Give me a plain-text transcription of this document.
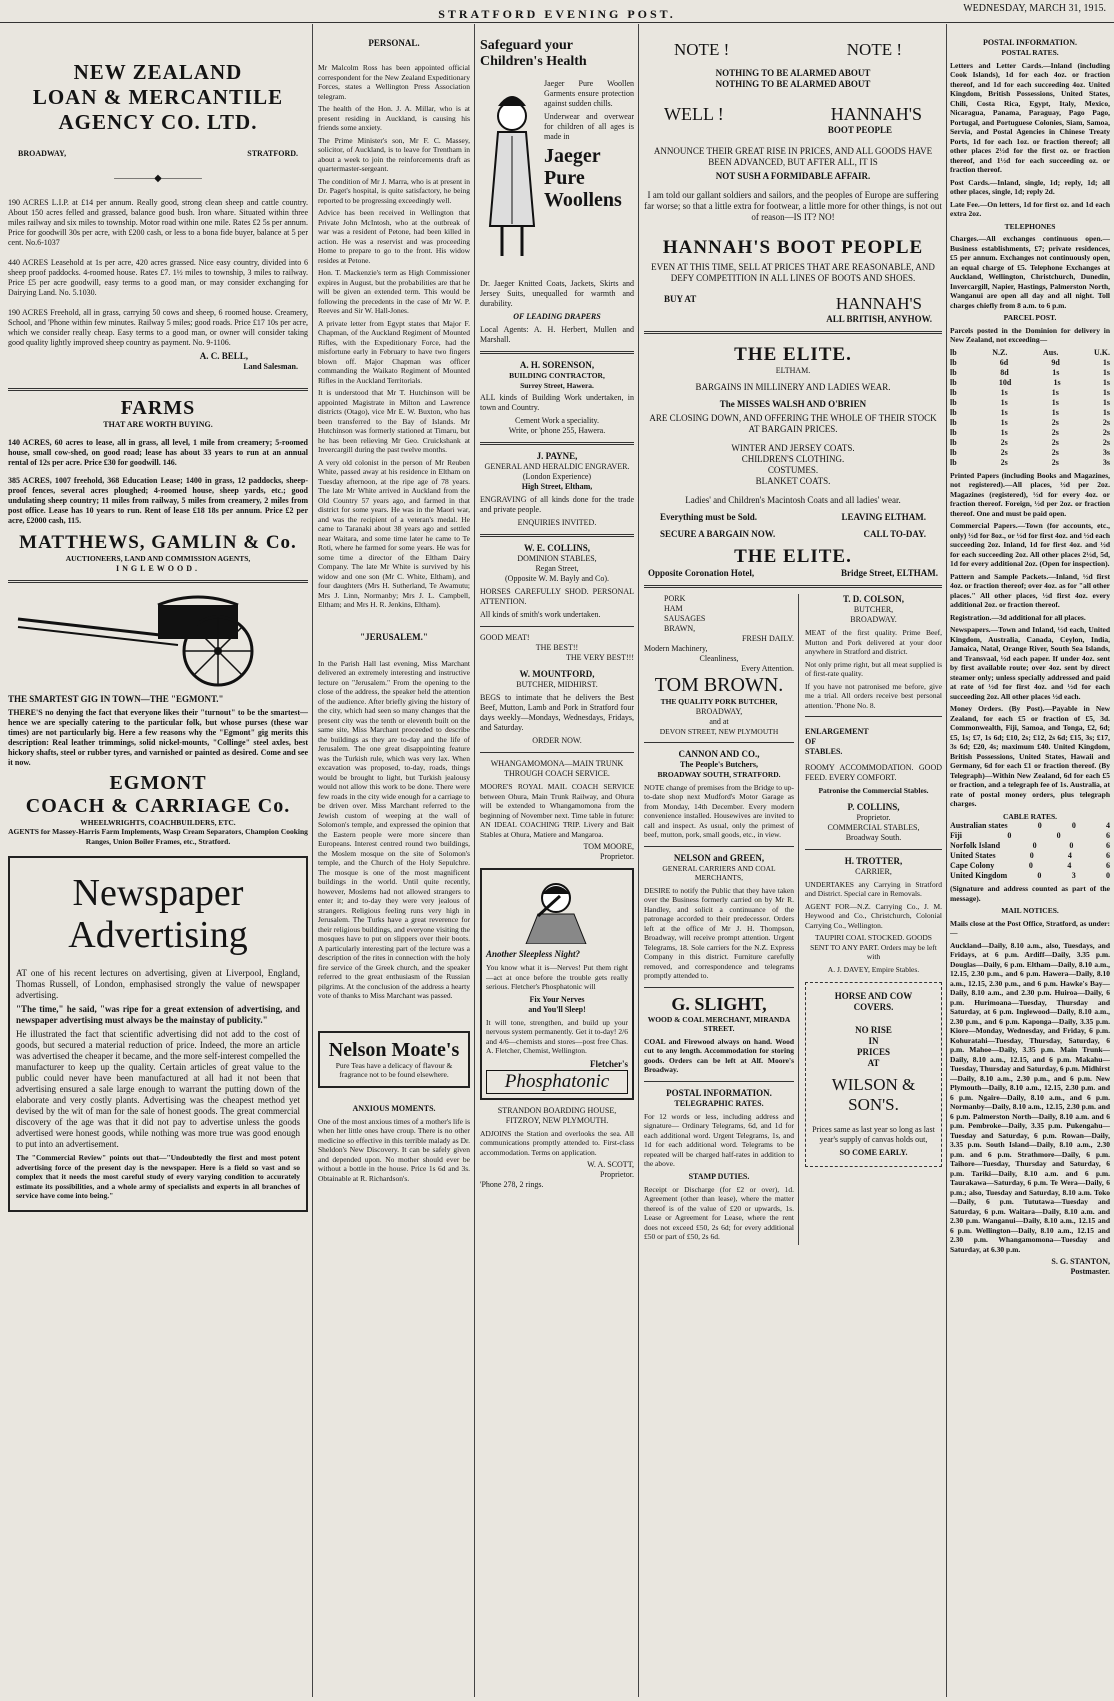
STRATFORD EVENING POST.	WEDNESDAY, MARCH 31, 1915.
NEW ZEALAND
LOAN & MERCANTILE
AGENCY CO. LTD.
BROADWAY,	STRATFORD.
————◆————

190 ACRES L.I.P. at £14 per annum. Really good, strong clean sheep and cattle country. About 150 acres felled and grassed, balance good bush. Iron whare. Situated within three miles railway and six miles to township. Motor road within one mile. Rates £2 5s per annum. Price for goodwill 30s per acre, with £200 cash, or less to a bona fide buyer, balance at 5 per cent. No.6-1037

440 ACRES Leasehold at 1s per acre, 420 acres grassed. Nice easy country, divided into 6 sheep proof paddocks. 4-roomed house. Rates £7. 1½ miles to township, 3 miles to railway. Price £5 per acre goodwill, easy terms to a good man, or may consider exchanging for Dairying Land. No. 5.1030.

190 ACRES Freehold, all in grass, carrying 50 cows and sheep, 6 roomed house. Creamery, School, and 'Phone within few minutes. Railway 5 miles; good roads. Price £17 10s per acre, which we consider really cheap. Easy terms to a good man, or owner will consider taking good quality lightly improved sheep country as payment. No. 9-1106.

A. C. BELL,
Land Salesman.
FARMS
THAT ARE WORTH BUYING.

140 ACRES, 60 acres to lease, all in grass, all level, 1 mile from creamery; 5-roomed house, small cow-shed, on good road; lease has about 33 years to run at an annual rental of 12s per acre. Price £30 for goodwill. 146.

385 ACRES, 1007 freehold, 368 Education Lease; 1400 in grass, 12 paddocks, sheep-proof fences, several acres ploughed; 4-roomed house, sheep yards, etc.; good undulating sheep country; 11 miles from railway, 5 miles from creamery, 2 miles from post office. Lease has 10 years to run. Rent of lease £18 18s per annum. Price £2 per acre, £2000 cash, 115.

MATTHEWS, GAMLIN & Co.
AUCTIONEERS, LAND AND COMMISSION AGENTS,
INGLEWOOD.
THE SMARTEST GIG IN TOWN—THE "EGMONT."

THERE'S no denying the fact that everyone likes their "turnout" to be the smartest—hence we are specially catering to the particular folk, but whose purses (these war times) are not particularly big. Here a few reasons why the "Egmont" gig merits this description: Real leather trimmings, solid nickel-mounts, "Collinge" steel axles, best hickory shafts, steel or rubber tyres, and varnished or painted as desired. Come and see it now.

EGMONT
COACH & CARRIAGE Co.
WHEELWRIGHTS, COACHBUILDERS, ETC.
AGENTS for Massey-Harris Farm Implements, Wasp Cream Separators, Champion Cooking Ranges, Union Boiler Frames, etc., Stratford.
Newspaper
Advertising

AT one of his recent lectures on advertising, given at Liverpool, England, Thomas Russell, of London, emphasised strongly the value of newspaper advertising.

"The time," he said, "was ripe for a great extension of advertising, and newspaper advertising must always be the mainstay of publicity."

He illustrated the fact that scientific advertising did not add to the cost of goods, but secured a material reduction of price. Indeed, the more an article was advertised the cheaper it became, and the more self-interest compelled the manufacturer to keep up the quality. Certain articles of great value to the public could never have been manufactured at all had it not been that advertising ensured a sale large enough to warrant the putting down of the elaborate and very costly plants. Advertising was the cheapest method yet devised by the wit of man for the sale of honest goods. The great commercial discovery of the age was that it did not pay to advertise unless the goods advertised were honest goods, while nothing was more true was good enough to put into an advertisement.

The "Commercial Review" points out that—"Undoubtedly the first and most potent advertising force of the present day is the newspaper. Here is a field so vast and so complex that it needs the most careful study of every varying condition to accurately estimate its possibilities, and a whole army of specialists and experts in all branches of service have come into being."

PERSONAL.

Mr Malcolm Ross has been appointed official correspondent for the New Zealand Expeditionary Forces, states a Wellington Press Association telegram.

The health of the Hon. J. A. Millar, who is at present residing in Auckland, is causing his friends some anxiety.

The Prime Minister's son, Mr F. C. Massey, solicitor, of Auckland, is to leave for Trentham in about a week to join the reinforcements draft as quartermaster-sergeant.

The condition of Mr J. Marra, who is at present in Dr. Paget's hospital, is quite satisfactory, he being reported to be progressing exceedingly well.

Advice has been received in Wellington that Private John McIntosh, who at the outbreak of war was a resident of Petone, had been killed in action. He was a reservist and was proceeding Home to prepare to go to the front. His widow resides at Petone.

Hon. T. Mackenzie's term as High Commissioner expires in August, but the probabilities are that he will be given an extended term. This would be following the precedents in the case of Mr W. P. Reeves and Sir W. Hall-Jones.

A private letter from Egypt states that Major F. Chapman, of the Auckland Regiment of Mounted Rifles, with the Expeditionary Force, had the misfortune early in February to have two fingers blown off. Major Chapman was officer commanding the Waikato Regiment of Mounted Rifles in the Auckland Territorials.

It is understood that Mr T. Hutchinson will be appointed Magistrate in Milton and Lawrence districts (Otago), vice Mr E. W. Buxton, who has been transferred to the Bay of Islands. Mr Hutchinson was formerly stationed at Timaru, but he has been relieving Mr Geo. Cruickshank at Invercargill during the past twelve months.

A very old colonist in the person of Mr Reuben White, passed away at his residence in Eltham on Tuesday afternoon, at the ripe age of 78 years. The late Mr White arrived in Auckland from the Old Country 57 years ago, and farmed in that district for some years. He was in the Maori war, and was the recipient of a veteran's medal. He came to Taranaki about 38 years ago and settled near Waitara, and some time later he came to Te Roti, where he farmed for some years. He was for some time a director of the Eltham Dairy Company. The late Mr White is survived by his widow and one son (Mr C. White, Eltham), and four daughters (Mrs H. Sutherland, Te Awamutu; Mrs J. Linn, Normanby; Mrs J. L. Campbell, Eltham; and Mrs H. R. Jenkins, Eltham).

"JERUSALEM."

In the Parish Hall last evening, Miss Marchant delivered an extremely interesting and instructive lecture on "Jerusalem." From the opening to the close of the address, the speaker held the attention of the audience. After briefly giving the history of the city, which had seen so many changes that the present city was the tenth or eleventh built on the same site, Miss Marchant proceeded to describe the buildings as they are to-day and the life of Jerusalem. The one great disappointing feature was the Turkish rule, which was very lax. When excavation was proposed, to-day, roads, things would be brought to light, but Turkish jealousy would not allow this work to be done. There were few roads in the city wide enough for a carriage to be driven over. Miss Marchant referred to the Jewish custom of weeping at the wall of Solomon's temple, and expressed the opinion that the Eastern people were more sincere than Europeans. Interest centred round two buildings, the Moslem mosque on the site of Solomon's temple, and the Church of the Holy Sepulchre. The mosque is one of the most magnificent buildings in the world. Until quite recently, however, Moslems had not allowed strangers to enter it; and to-day they were very jealous of strangers. Religious feeling runs very high in Jerusalem. The Turks have a great reverence for their religious buildings, and everyone visiting the mosques have to put on slippers over their boots. A particularly interesting part of the lecture was a description of the rites in connection with the holy fire service of the Greek church, and the speaker referred to the great enthusiasm of the Russian pilgrims. At the conclusion of the address a hearty vote of thanks to Miss Marchant was passed.

Nelson Moate's
Pure Teas have a delicacy of flavour & fragrance not to be found elsewhere.
ANXIOUS MOMENTS.

One of the most anxious times of a mother's life is when her little ones have croup. There is no other medicine so effective in this terrible malady as Dr. Sheldon's New Discovery. It can be safely given and depended upon. No mother should ever be without a bottle in the house. Price 1s 6d and 3s. Obtainable at R. Richardson's.

Safeguard your Children's Health

Jaeger Pure Woollen Garments ensure protection against sudden chills.

Underwear and overwear for children of all ages is made in

Jaeger
Pure
Woollens

Dr. Jaeger Knitted Coats, Jackets, Skirts and Jersey Suits, unequalled for warmth and durability.

OF LEADING DRAPERS

Local Agents: A. H. Herbert, Mullen and Marshall.

A. H. SORENSON,
BUILDING CONTRACTOR,
Surrey Street, Hawera.

ALL kinds of Building Work undertaken, in town and Country.

Cement Work a speciality.
Write, or 'phone 255, Hawera.
J. PAYNE,
GENERAL AND HERALDIC ENGRAVER.
(London Experience)
High Street, Eltham,

ENGRAVING of all kinds done for the trade and private people.

ENQUIRIES INVITED.
W. E. COLLINS,
DOMINION STABLES,
Regan Street,
(Opposite W. M. Bayly and Co).

HORSES CAREFULLY SHOD. PERSONAL ATTENTION.

All kinds of smith's work undertaken.

GOOD MEAT!
THE BEST!!
THE VERY BEST!!!
W. MOUNTFORD,
BUTCHER, MIDHIRST.

BEGS to intimate that he delivers the Best Beef, Mutton, Lamb and Pork in Stratford four days weekly—Mondays, Wednesdays, Fridays, and Saturday.

ORDER NOW.
WHANGAMOMONA—MAIN TRUNK THROUGH COACH SERVICE.

MOORE'S ROYAL MAIL COACH SERVICE between Ohura, Main Trunk Railway, and Ohura will be extended to Whangamomona from the beginning of November next. Time table in future: AN IDEAL COACHING TRIP. Livery and Bait Stables at Ohura, Matiere and Mangaroa.

TOM MOORE,
Proprietor.
Another Sleepless Night?

You know what it is—Nerves! Put them right—act at once before the trouble gets really serious. Fletcher's Phosphatonic will

Fix Your Nerves
and You'll Sleep!

It will tone, strengthen, and build up your nervous system permanently. Get it to-day! 2/6 and 4/6—chemists and stores—post free Chas. A. Fletcher, Chemist, Wellington.

Fletcher's
Phosphatonic
STRANDON BOARDING HOUSE,
FITZROY, NEW PLYMOUTH.

ADJOINS the Station and overlooks the sea. All communications promptly attended to. First-class accommodation. Terms on application.

W. A. SCOTT,
Proprietor.
'Phone 278, 2 rings.
NOTE !	NOTE !
NOTHING TO BE ALARMED ABOUT
NOTHING TO BE ALARMED ABOUT
WELL !	HANNAH'S
BOOT PEOPLE

ANNOUNCE THEIR GREAT RISE IN PRICES, AND ALL GOODS HAVE BEEN ADVANCED, BUT AFTER ALL, IT IS

NOT SUSH A FORMIDABLE AFFAIR.

I am told our gallant soldiers and sailors, and the peoples of Europe are suffering far worse; so that a little extra for footwear, a little more for other things, is not out of reason—IS IT? NO!

HANNAH'S BOOT PEOPLE

EVEN AT THIS TIME, SELL AT PRICES THAT ARE REASONABLE, AND DEFY COMPETITION IN ALL LINES OF BOOTS AND SHOES.

BUY AT	HANNAH'S
ALL BRITISH, ANYHOW.
THE ELITE.
ELTHAM.
BARGAINS IN MILLINERY AND LADIES WEAR.
The MISSES WALSH AND O'BRIEN

ARE CLOSING DOWN, AND OFFERING THE WHOLE OF THEIR STOCK AT BARGAIN PRICES.

WINTER AND JERSEY COATS.
CHILDREN'S CLOTHING.
COSTUMES.
BLANKET COATS.
Ladies' and Children's Macintosh Coats and all ladies' wear.
Everything must be Sold.	LEAVING ELTHAM.
SECURE A BARGAIN NOW.	CALL TO-DAY.
THE ELITE.
Opposite Coronation Hotel,	Bridge Street, ELTHAM.
PORK
HAM
SAUSAGES
BRAWN,
FRESH DAILY.
Modern Machinery,
Cleanliness,
Every Attention.
TOM BROWN.
THE QUALITY PORK BUTCHER,
BROADWAY,
and at
DEVON STREET, NEW PLYMOUTH
CANNON AND CO.,
The People's Butchers,
BROADWAY SOUTH, STRATFORD.

NOTE change of premises from the Bridge to up-to-date shop next Mudford's Motor Garage as from Monday, 14th December. Every modern convenience installed. Housewives are invited to call and inspect. As usual, only the primest of beef, mutton, pork, small goods, etc., in view.

NELSON and GREEN,
GENERAL CARRIERS AND COAL MERCHANTS,

DESIRE to notify the Public that they have taken over the Business formerly carried on by Mr R. Handley, and solicit a continuance of the patronage accorded to their predecessor. Orders left at the office of Mr J. H. Thompson, Broadway, will receive prompt attention. Urgent Telegrams, 18. Sole carriers for the N.Z. Express Company in this district. Furniture carefully removed, and correspondence and telegrams promptly attended to.

G. SLIGHT,
WOOD & COAL MERCHANT, MIRANDA STREET.

COAL and Firewood always on hand. Wood cut to any length. Accommodation for storing goods. Orders can be left at Alf. Moore's Broadway.

POSTAL INFORMATION.
TELEGRAPHIC RATES.

For 12 words or less, including address and signature— Ordinary Telegrams, 6d, and 1d for each additional word. Urgent Telegrams, 1s, and 1d for each additional word. Telegrams to be repeated will be charged half-rates in addition to the above.

STAMP DUTIES.

Receipt or Discharge (for £2 or over), 1d. Agreement (other than lease), where the matter thereof is of the value of £20 or upwards, 1s. Lease or Agreement for Lease, where the rent does not exceed £50, 2s 6d; for every additional £50 or part of £50, 2s 6d.

T. D. COLSON,
BUTCHER,
BROADWAY.

MEAT of the first quality. Prime Beef, Mutton and Pork delivered at your door anywhere in Stratford and district.

Not only prime right, but all meat supplied is of first-rate quality.

If you have not patronised me before, give me a trial. All orders receive best personal attention. 'Phone No. 8.

ENLARGEMENT
OF
STABLES.

ROOMY ACCOMMODATION. GOOD FEED. EVERY COMFORT.

Patronise the Commercial Stables.
P. COLLINS,
Proprietor.
COMMERCIAL STABLES,
Broadway South.
H. TROTTER,
CARRIER,

UNDERTAKES any Carrying in Stratford and District. Special care in Removals.

AGENT FOR—N.Z. Carrying Co., J. M. Heywood and Co., Christchurch, Colonial Carrying Co., Wellington.

TAUPIRI COAL STOCKED. GOODS SENT TO ANY PART. Orders may be left with

A. J. DAVEY, Empire Stables.
HORSE AND COW
COVERS.
NO RISE
IN
PRICES
AT
WILSON &
SON'S.

Prices same as last year so long as last year's supply of canvas holds out,

SO COME EARLY.
POSTAL INFORMATION.
POSTAL RATES.

Letters and Letter Cards.—Inland (including Cook Islands), 1d for each 4oz. or fraction thereof, and 1d for each succeeding 4oz. United Kingdom, British Possessions, United States, Chili, Costa Rica, Egypt, Italy, Mexico, Nicaragua, Panama, Paraguay, Pago Pago, Portugal, and Portuguese Colonies, Siam, Samoa, Servia, and Postal Agencies in Chinese Treaty Ports, 1d for each 1oz. or fraction thereof; all other places 2½d for the first oz. or fraction thereof, and 1½d for each succeeding oz. or fraction thereof.

Post Cards.—Inland, single, 1d; reply, 1d; all other places, single, 1d; reply 2d.

Late Fee.—On letters, 1d for first oz. and 1d each extra 2oz.

TELEPHONES

Charges.—All exchanges continuous open.—Business establishments, £7; private residences, £5 per annum. Exchanges not continuously open, an equal charge of £5. Telephone Exchanges at Auckland, Wellington, Christchurch, Dunedin, Invercargill, Napier, Hastings, Palmerston North, Wanganui are open all day and all night. Toll charges chiefly from 8 a.m. to 6 p.m.

PARCEL POST.

Parcels posted in the Dominion for delivery in New Zealand, not exceeding—

lb	N.Z.	Aus.	U.K.
lb	6d	9d	1s
lb	8d	1s	1s
lb	10d	1s	1s
lb	1s	1s	1s
lb	1s	1s	1s
lb	1s	1s	1s
lb	1s	2s	2s
lb	1s	2s	2s
lb	2s	2s	2s
lb	2s	2s	3s
lb	2s	2s	3s

Printed Papers (including Books and Magazines, not registered).—All places, ½d per 2oz. Magazines (registered), ½d for every 4oz. or fraction thereof. Foreign, ½d per 2oz. or fraction thereof. One and must be paid open.

Commercial Papers.—Town (for accounts, etc., only) ½d for 8oz., or ½d for first 4oz. and ½d each succeeding 2oz. Inland, 1d for first 4oz. and ½d for each succeeding 2oz. All other places 2½d, 5d, 1d for every additional 2oz. (Open for inspection).

Pattern and Sample Packets.—Inland, ½d first 4oz. or fraction thereof; over 4oz. as for "all other places." All other places, ½d first 4oz. every additional 2oz. or fraction thereof.

Registration.—3d additional for all places.

Newspapers.—Town and Inland, ½d each, United Kingdom, Australia, Canada, Ceylon, India, Jamaica, Natal, Orange River, South Sea Islands, and Transvaal, ½d each paper. If under 4oz. sent by first available route; over 4oz. sent by direct steamer only; unless specially addressed and paid at rate of ½d for first 4oz. and ½d for each succeeding 2oz. All other places ½d each.

Money Orders. (By Post).—Payable in New Zealand, for each £5 or fraction of £5, 3d. Commonwealth, Fiji, Samoa, and Tonga, £2, 6d; £5, 1s; £7, 1s 6d; £10, 2s; £12, 2s 6d; £15, 3s; £17, 3s 6d; £20, 4s; maximum £40. United Kingdom, British Possessions, United States, Hawaii and Germany, 6d for each £1 or fraction thereof. (By Telegraph)—Within New Zealand, 6d for each £5 or fraction, and a telegraph fee of 1s. Australia, at rate of postal money orders, plus telegraph charges.

CABLE RATES.
Australian states	0	0	4
Fiji	0	0	6
Norfolk Island	0	0	6
United States	0	4	6
Cape Colony	0	4	6
United Kingdom	0	3	0

(Signature and address counted as part of the message).

MAIL NOTICES.

Mails close at the Post Office, Stratford, as under:—

Auckland—Daily, 8.10 a.m., also, Tuesdays, and Fridays, at 6 p.m. Ardiff—Daily, 3.35 p.m. Douglas—Daily, 6 p.m. Eltham—Daily, 8.10 a.m., 12.15, 2.30 p.m., and 6 p.m. Hawera—Daily, 8.10 a.m., 12.15, 2.30 p.m., and 6 p.m. Hawke's Bay—Daily, 8.10 a.m., and 2.30 p.m. Huiroa—Daily, 6 p.m. Hurimoana—Tuesday, Thursday and Saturday, at 6 p.m. Inglewood—Daily, 8.10 a.m., 2.30 p.m., and 6 p.m. Kaponga—Daily, 3.35 p.m. Kiore—Monday, Wednesday, and Friday, 6 p.m. Kohuratahi—Tuesday, Thursday, Saturday, 6 p.m. Mahoe—Daily, 3.35 p.m. Main Trunk—Daily, 8.10 a.m., 12.15, and 6 p.m. Makahu—Tuesday, Thursday and Saturday, 6 p.m. Midhirst—Daily, 8.10 a.m., 2.30 p.m., and 6 p.m. New Plymouth—Daily, 8.10 a.m., 12.15, 2.30 p.m. and 6 p.m. Ngaire—Daily, 8.10 a.m., and 6 p.m. Normanby—Daily, 8.10 a.m., 12.15, 2.30 p.m. and 6 p.m. Palmerston North—Daily, 8.10 a.m. and 6 p.m. Pembroke—Daily, 3.35 p.m. Pukengahu—Tuesday and Saturday, 6 p.m. Rowan—Daily, 3.35 p.m. South Island—Daily, 8.10 a.m., 2.30 p.m. and 6 p.m. Strathmore—Daily, 6 p.m. Taihore—Tuesday, Thursday and Saturday, 6 p.m. Tariki—Daily, 8.10 a.m. and 6 p.m. Taurakawa—Saturday, 6 p.m. Te Wera—Daily, 6 p.m.; also, Tuesday and Saturday, 8.10 a.m. Toko—Daily, 6 p.m. Tututawa—Tuesday and Saturday, 6 p.m. Waitara—Daily, 8.10 a.m. and 2.30 p.m. Wanganui—Daily, 8.10 a.m., 12.15 and 6 p.m. Wellington—Daily, 8.10 a.m., 12.15 and 2.30 p.m. Whangamomona—Tuesday and Saturday, at 6.30 p.m.

S. G. STANTON,
Postmaster.
